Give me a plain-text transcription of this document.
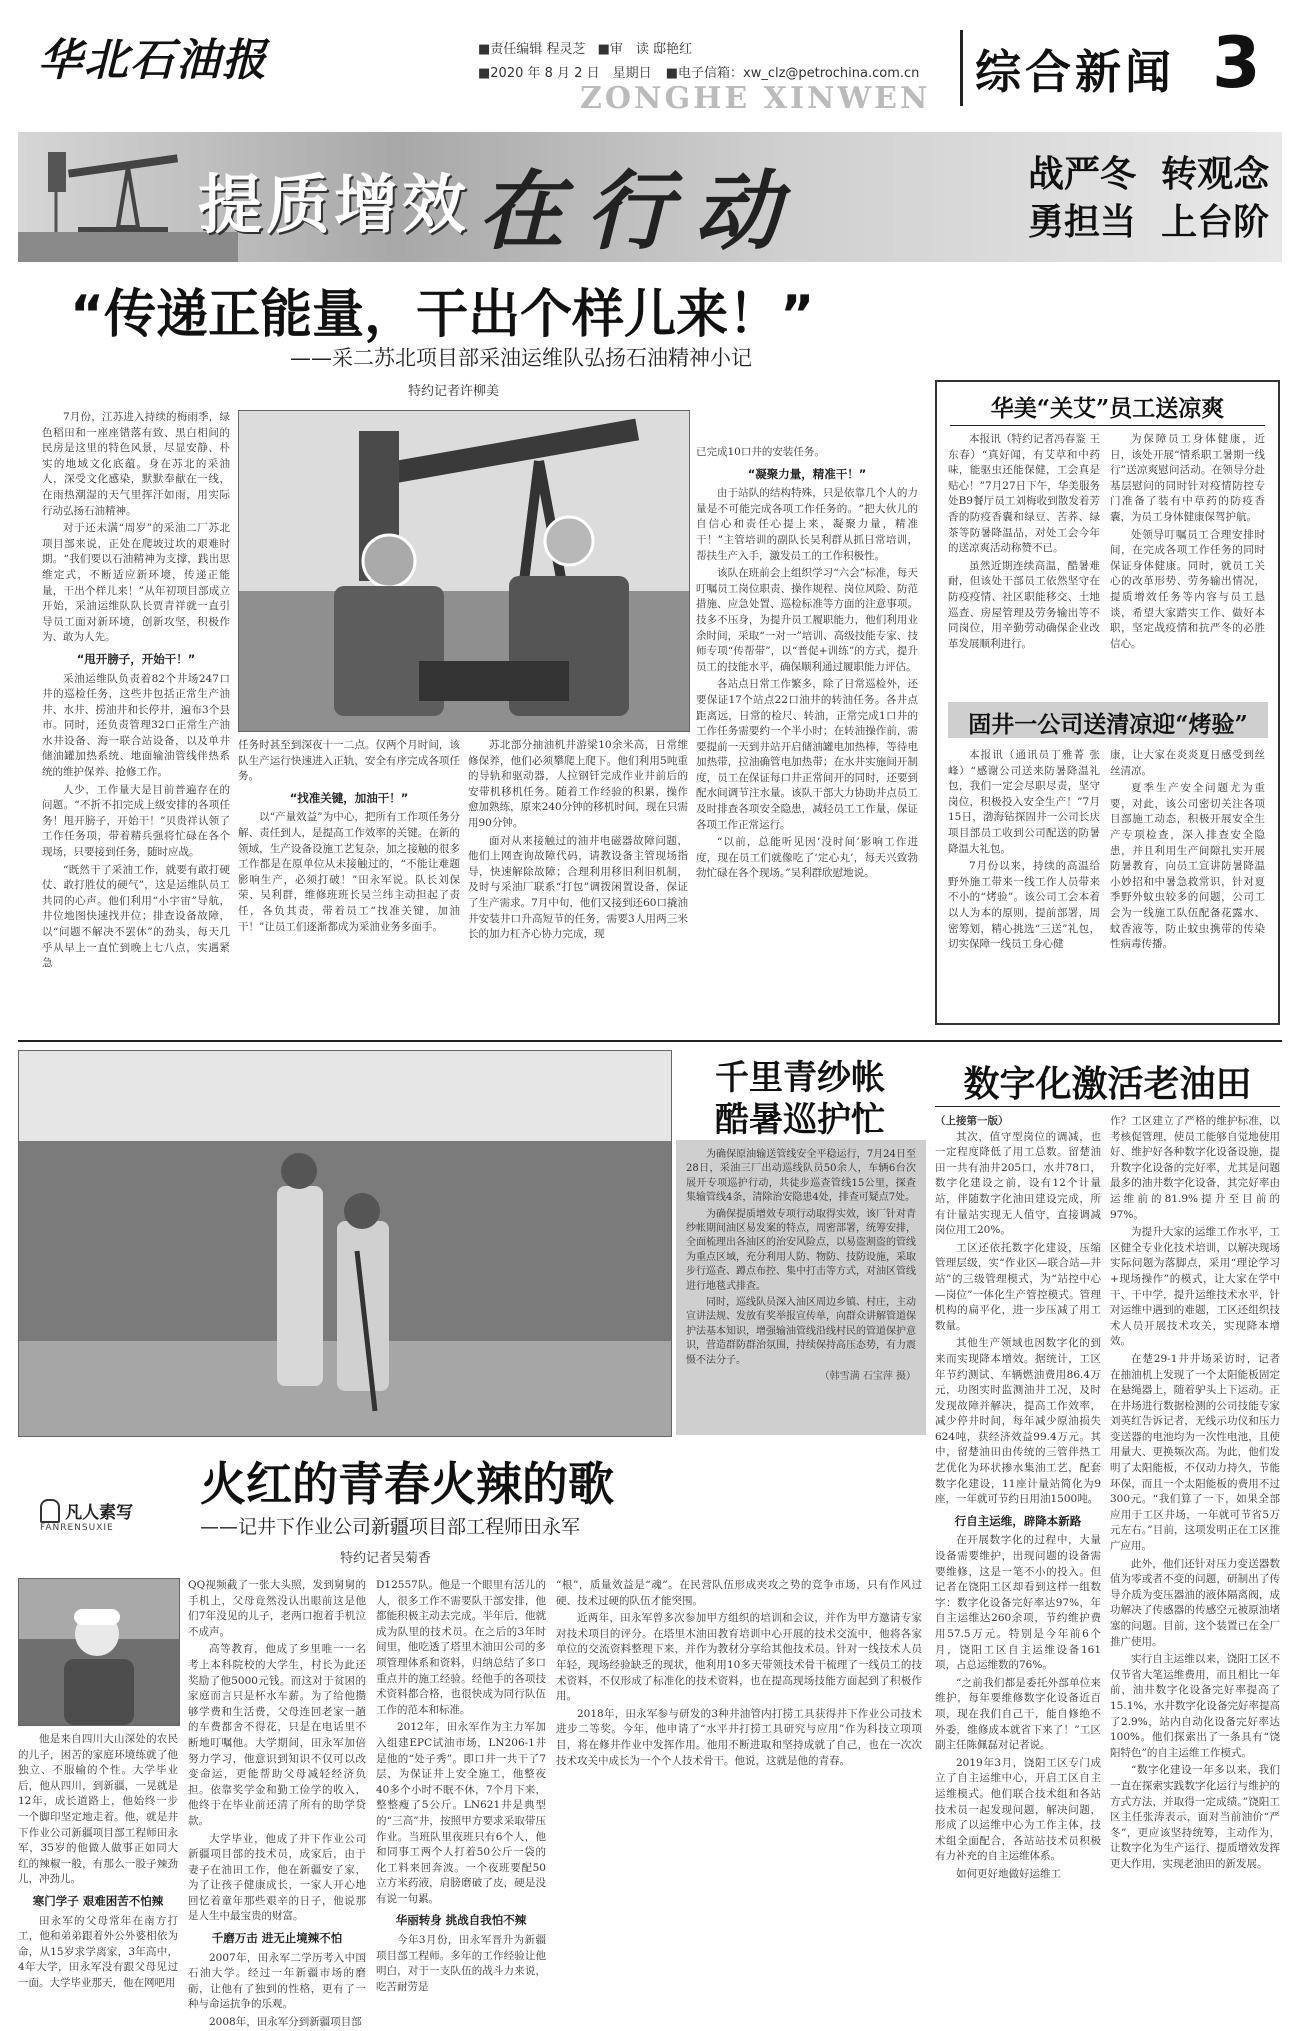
华北石油报	■责任编辑 程灵芝 ■审　读 邸艳红
■2020 年 8 月 2 日　星期日 ■电子信箱：xw_clz@petrochina.com.cn
ZONGHE XINWEN 综合新闻 3
提质增效 在行动	战严冬  转观念
勇担当  上台阶
“传递正能量，干出个样儿来！”
——采二苏北项目部采油运维队弘扬石油精神小记
特约记者许柳美

7月份，江苏进入持续的梅雨季，绿色稻田和一座座错落有致、黑白相间的民房是这里的特色风景，尽显安静、朴实的地域文化底蕴。身在苏北的采油人，深受文化感染，默默奉献在一线，在雨热潮湿的天气里挥汗如雨，用实际行动弘扬石油精神。

对于还未满“周岁”的采油二厂苏北项目部来说，正处在爬坡过坎的艰难时期。“我们要以石油精神为支撑，践出思维定式，不断适应新环境，传递正能量，干出个样儿来！”从年初项目部成立开始，采油运维队队长贾青祥就一直引导员工面对新环境，创新攻坚，积极作为、敢为人先。

“甩开膀子，开始干！”

采油运维队负责着82个井场247口井的巡检任务，这些井包括正常生产油井、水井、捞油井和长停井，遍布3个县市。同时，还负责管理32口正常生产油水井设备、海一联合站设备，以及单井储油罐加热系统、地面输油管线伴热系统的维护保养、抢修工作。

人少，工作量大是目前普遍存在的问题。“不折不扣完成上级安排的各项任务！甩开膀子，开始干！”贝贵祥认领了工作任务项，带着精兵强将忙碌在各个现场，只要接到任务，随时应战。

“既然干了采油工作，就要有敢打硬仗、敢打胜仗的硬气”，这是运维队员工共同的心声。他们利用“小宇宙”导航，井位地图快速找井位；排查设备故障，以“问题不解决不罢休”的劲头，每天几乎从早上一直忙到晚上七八点，实遇紧急

任务时甚至到深夜十一二点。仅两个月时间，该队生产运行快速进入正轨，安全有序完成各项任务。

“找准关键，加油干！”

以“产量效益”为中心，把所有工作项任务分解、责任到人，是提高工作效率的关键。在新的领域，生产设备设施工艺复杂，加之接触的很多工作都是在原单位从未接触过的，“不能让难题影响生产，必须打破！”田永军说。队长刘保荣、吴利群，维修班班长吴兰纬主动担起了责任，各负其责，带着员工“找准关键，加油干！”让员工们逐渐都成为采油业务多面手。

苏北部分抽油机井游梁10余米高，日常维修保养，他们必须攀爬上爬下。他们利用5吨重的导轨和驱动器，人拉钢钎完成作业井前后的安带机移机任务。随着工作经验的积累，操作愈加熟练，原来240分钟的移机时间，现在只需用90分钟。

面对从来接触过的油井电磁器故障问题，他们上网查询故障代码，请教设备主管现场指导，快速解除故障；合理利用移旧利旧机制，及时与采油厂联系“打包”调拨闲置设备，保证了生产需求。7月中旬，他们又接到还60口撬油井安装井口升高短节的任务，需要3人用两三米长的加力杠齐心协力完成，现

已完成10口井的安装任务。

“凝聚力量，精准干！”

由于站队的结构特殊，只是依靠几个人的力量是不可能完成各项工作任务的。“把大伙儿的自信心和责任心提上来，凝聚力量，精准干！”主管培训的副队长吴利群从抓日常培训，帮扶生产入手，激发员工的工作积极性。

该队在班前会上组织学习“六会”标准，每天叮嘱员工岗位职责、操作规程、岗位风险、防范措施、应急处置、巡检标准等方面的注意事项。技多不压身，为提升员工履职能力，他们利用业余时间，采取“一对一”培训、高级技能专家、技师专项“传帮带”，以“普促+训练”的方式，提升员工的技能水平，确保顺利通过履职能力评估。

各站点日常工作繁多，除了日常巡检外，还要保证17个站点22口油井的转油任务。各井点距离远，日常的检尺、转油，正常完成1口井的工作任务需要约一个半小时；在转油操作前，需要提前一天到井站开启储油罐电加热棒，等待电加热带，拉油确管电加热带；在水井实施间开制度，员工在保证每口井正常间开的同时，还要到配水间调节注水量。该队干部大力协助井点员工及时排查各项安全隐患，减轻员工工作量，保证各项工作正常运行。

“以前，总能听见因‘没时间’影响工作进度，现在员工们就像吃了‘定心丸’，每天兴致勃勃忙碌在各个现场。”吴利群欣慰地说。

华美“关艾”员工送凉爽

本报讯（特约记者冯春鉴 王东春）“真好闻，有艾草和中药味，能驱虫还能保健，工会真是贴心！”7月27日下午，华美服务处B9餐厅员工刘梅收到散发着芳香的防疫香囊和绿豆、苦荞、绿茶等防暑降温品，对处工会今年的送凉爽活动称赞不已。

虽然近期连续高温，酷暑难耐，但该处干部员工依然坚守在防疫疫情、社区职能移交、土地巡查、房屋管理及劳务输出等不同岗位，用辛勤劳动确保企业改革发展顺利进行。

为保障员工身体健康，近日，该处开展“情系职工暑期一线行”送凉爽慰问活动。在领导分赴基层慰问的同时针对疫情防控专门准备了装有中草药的防疫香囊，为员工身体健康保驾护航。

处领导叮嘱员工合理安排时间，在完成各项工作任务的同时保证身体健康。同时，就员工关心的改革形势、劳务输出情况，提质增效任务等内容与员工恳谈，希望大家踏实工作、做好本职，坚定战疫情和抗严冬的必胜信心。

固井一公司送清凉迎“烤验”

本报讯（通讯员丁雅菁 张峰）“感谢公司送来防暑降温礼包，我们一定会尽职尽责，坚守岗位，积极投入安全生产！”7月15日，渤海钻探固井一公司长庆项目部员工收到公司配送的防暑降温大礼包。

7月份以来，持续的高温给野外施工带来一线工作人员带来不小的“烤验”。该公司工会本着以人为本的原则，提前部署，周密筹划，精心挑选“三送”礼包，切实保障一线员工身心健

康，让大家在炎炎夏日感受到丝丝清凉。

夏季生产安全问题尤为重要，对此，该公司密切关注各项目部施工动态，积极开展安全生产专项检查，深入排查安全隐患，并且利用生产间隙扎实开展防暑教育，向员工宣讲防暑降温小妙招和中暑急救常识，针对夏季野外蚊虫较多的问题，公司工会为一线施工队伍配备花露水、蚊香液等，防止蚊虫携带的传染性病毒传播。

千里青纱帐
酷暑巡护忙

为确保原油输送管线安全平稳运行，7月24日至28日，采油三厂出动巡线队员50余人，车辆6台次展开专项巡护行动，共徒步巡查管线15公里，探查集输管线4条，清除治安隐患4处，排查可疑点7处。

为确保提质增效专项行动取得实效，该厂针对青纱帐期间油区易发案的特点，周密部署，统筹安排，全面梳理出各油区的治安风险点，以易盗割盗的管线为重点区域，充分利用人防、物防、技防设施，采取步行巡查、蹲点布控、集中打击等方式，对油区管线进行地毯式排查。

同时，巡线队员深入油区周边乡镇、村庄，主动宣讲法规、发放有奖举报宣传单，向群众讲解管道保护法基本知识，增强输油管线沿线村民的管道保护意识，营造群防群治氛围，持续保持高压态势，有力震慑不法分子。

（韩雪满 石宝萍 摄）
数字化激活老油田
（上接第一版）

其次，值守型岗位的调减，也一定程度降低了用工总数。留楚油田一共有油井205口，水井78口，数字化建设之前，设有12个计量站，伴随数字化油田建设完成，所有计量站实现无人值守，直接调减岗位用工20%。

工区还依托数字化建设，压缩管理层级，实“作业区—联合站—井站”的三级管理模式，为“站控中心—岗位”一体化生产管控模式。管理机构的扁平化，进一步压减了用工数量。

其他生产领域也因数字化的到来而实现降本增效。据统计，工区年节约测试、车辆燃油费用86.4万元，功图实时监测油井工况，及时发现故障并解决，提高工作效率，减少停井时间，每年减少原油损失624吨，获经济效益99.4万元。其中，留楚油田由传统的三管伴热工艺优化为环状掺水集油工艺，配套数字化建设，11座计量站简化为9座，一年就可节约日用油1500吨。

行自主运维，辟降本新路

在开展数字化的过程中，大量设备需要维护，出现问题的设备需要维修，这是一笔不小的投入。但记者在饶阳工区却看到这样一组数字：数字化设备完好率达97%，年自主运维达260余项，节约维护费用57.5万元。特别是今年前6个月，饶阳工区自主运维设备161项，占总运维数的76%。

“之前我们都是委托外部单位来维护，每年要维修数字化设备近百项，现在我们自己干，能自修绝不外委，维修成本就省下来了！”工区副主任陈佩磊对记者说。

2019年3月，饶阳工区专门成立了自主运维中心，开启工区自主运维模式。他们联合技术组和各站技术员一起发现问题，解决问题，形成了以运维中心为工作主体，技术组全面配合，各站站技术员积极有力补充的自主运维体系。

如何更好地做好运维工

作？工区建立了严格的维护标准，以考核促管理，使员工能够自觉地使用好、维护好各种数字化设备设施，提升数字化设备的完好率，尤其是问题最多的油井数字化设备，其完好率由运维前的81.9%提升至目前的97%。

为提升大家的运维工作水平，工区健全专业化技术培训，以解决现场实际问题为落脚点，采用“理论学习+现场操作”的模式，让大家在学中干、干中学，提升运维技术水平，针对运维中遇到的难题，工区还组织技术人员开展技术攻关，实现降本增效。

在楚29-1井井场采访时，记者在抽油机上发现了一个太阳能板固定在悬绳器上，随着驴头上下运动。正在井场进行数据检测的公司技能专家刘英红告诉记者，无线示功仪和压力变送器的电池均为一次性电池，且使用量大、更换频次高。为此，他们发明了太阳能板，不仅动力持久，节能环保，而且一个太阳能板的费用不过300元。“我们算了一下，如果全部应用于工区井场，一年就可节省5万元左右。”目前，这项发明正在工区推广应用。

此外，他们还针对压力变送器数值为零或者不变的问题，研制出了传导介质为变压器油的液体隔离阀，成功解决了传感器的传感空元被原油堵塞的问题。目前，这个装置已在全厂推广使用。

实行自主运维以来，饶阳工区不仅节省大笔运维费用，而且相比一年前，油井数字化设备完好率提高了15.1%，水井数字化设备完好率提高了2.9%，站内自动化设备完好率达100%。他们探索出了一条具有“饶阳特色”的自主运维工作模式。

“数字化建设一年多以来，我们一直在探索实践数字化运行与维护的方式方法，并取得一定成绩。”饶阳工区主任张涛表示，面对当前油价“严冬”，更应该坚持统筹，主动作为，让数字化为生产运行、提质增效发挥更大作用，实现老油田的新发展。

凡人素写
FANRENSUXIE
火红的青春火辣的歌
——记井下作业公司新疆项目部工程师田永军
特约记者吴菊香

他是来自四川大山深处的农民的儿子，困苦的家庭环境练就了他独立、不服输的个性。大学毕业后，他从四川，到新疆，一晃就是12年，成长道路上，他始终一步一个脚印坚定地走着。他，就是井下作业公司新疆项目部工程师田永军，35岁的他做人做事正如同大红的辣椒一般，有那么一股子辣劲儿，冲劲儿。

寒门学子 艰难困苦不怕辣

田永军的父母常年在南方打工，他和弟弟跟着外公外婆相依为命，从15岁求学离家，3年高中，4年大学，田永军没有跟父母见过一面。大学毕业那天，他在网吧用

QQ视频截了一张大头照，发到舅舅的手机上，父母竟然没认出眼前这是他们7年没见的儿子，老两口抱着手机泣不成声。

高等教育，他成了乡里唯一一名考上本科院校的大学生，村长为此还奖励了他5000元钱。而这对于贫困的家庭而言只是杯水车薪。为了给他攒够学费和生活费，父母连回老家一趟的车费都舍不得花，只是在电话里不断地叮嘱他。大学期间，田永军加倍努力学习，他意识到知识不仅可以改变命运，更能帮助父母减轻经济负担。依靠奖学金和勤工俭学的收入，他终于在毕业前还清了所有的助学贷款。

大学毕业，他成了井下作业公司新疆项目部的技术员，成家后，由于妻子在油田工作，他在新疆安了家，为了让孩子健康成长，一家人开心地回忆着童年那些艰辛的日子，他说那是人生中最宝贵的财富。

千磨万击 进无止境辣不怕

2007年，田永军二学历考入中国石油大学。经过一年新疆市场的磨砺，让他有了独到的性格，更有了一种与命运抗争的乐观。

2008年，田永军分到新疆项目部

D12557队。他是一个眼里有活儿的人，很多工作不需要队干部安排，他都能积极主动去完成。半年后，他就成为队里的技术员。在之后的3年时间里，他吃透了塔里木油田公司的多项管理体系和资料，归纳总结了多口重点井的施工经验。经他手的各项技术资料都合格，也很快成为同行队伍工作的范本和标准。

2012年，田永军作为主力军加入组建EPC试油市场，LN206-1井是他的“处子秀”。即口井一共干了7层，为保证井上安全施工，他整夜40多个小时不眠不休，7个月下来，整整瘦了5公斤。LN621井是典型的“三高”井，按照甲方要求采取带压作业。当班队里夜班只有6个人，他和同事工两个人打着50公斤一袋的化工料来回奔波。一个夜班要配50立方米药液，肩膀磨破了皮，硬是没有说一句累。

华丽转身 挑战自我怕不辣

今年3月份，田永军晋升为新疆项目部工程师。多年的工作经验让他明白，对于一支队伍的战斗力来说，吃苦耐劳是

“根”，质量效益是“魂”。在民营队伍形成夹攻之势的竞争市场，只有作风过硬、技术过硬的队伍才能突围。

近两年，田永军曾多次参加甲方组织的培训和会议，并作为甲方邀请专家对技术项目的评分。在塔里木油田教育培训中心开展的技术交流中，他将各家单位的交流资料整理下来，并作为教材分享给其他技术员。针对一线技术人员年轻，现场经验缺乏的现状，他利用10多天带领技术骨干梳理了一线员工的技术资料，不仅形成了标准化的技术资料，也在提高现场技能方面起到了积极作用。

2018年，田永军参与研发的3种井油管内打捞工具获得井下作业公司技术进步二等奖。今年，他申请了“水平井打捞工具研究与应用”作为科技立项项目，将在修井作业中发挥作用。他用不断进取和坚持成就了自己，也在一次次技术攻关中成长为一个个人技术骨干。他说，这就是他的青春。
